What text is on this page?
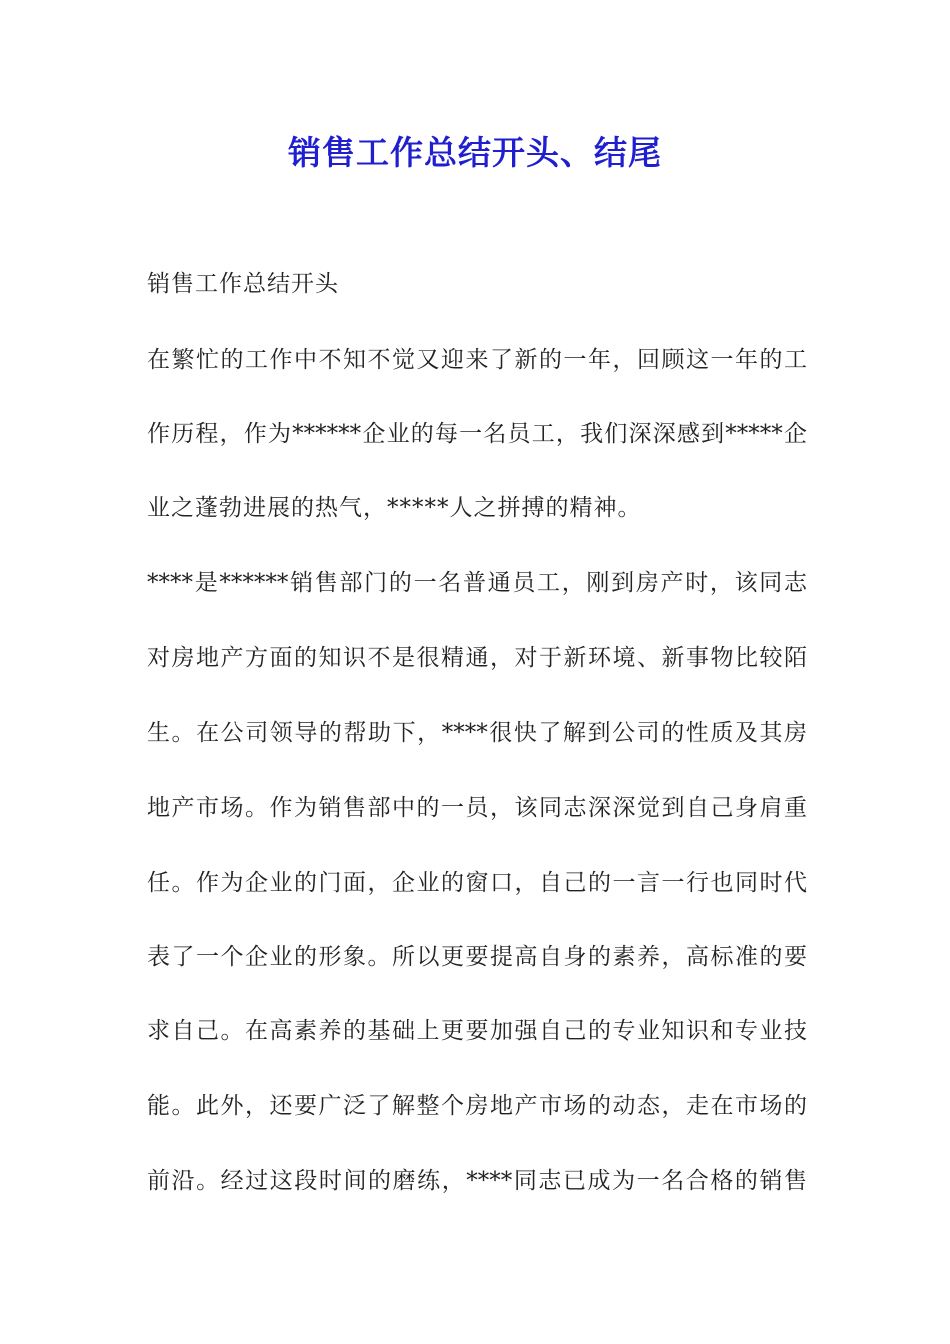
销售工作总结开头、结尾

销售工作总结开头

在繁忙的工作中不知不觉又迎来了新的一年，回顾这一年的工

作历程，作为******企业的每一名员工，我们深深感到*****企

业之蓬勃进展的热气，*****人之拼搏的精神。

****是******销售部门的一名普通员工，刚到房产时，该同志

对房地产方面的知识不是很精通，对于新环境、新事物比较陌

生。在公司领导的帮助下，****很快了解到公司的性质及其房

地产市场。作为销售部中的一员，该同志深深觉到自己身肩重

任。作为企业的门面，企业的窗口，自己的一言一行也同时代

表了一个企业的形象。所以更要提高自身的素养，高标准的要

求自己。在高素养的基础上更要加强自己的专业知识和专业技

能。此外，还要广泛了解整个房地产市场的动态，走在市场的

前沿。经过这段时间的磨练，****同志已成为一名合格的销售
